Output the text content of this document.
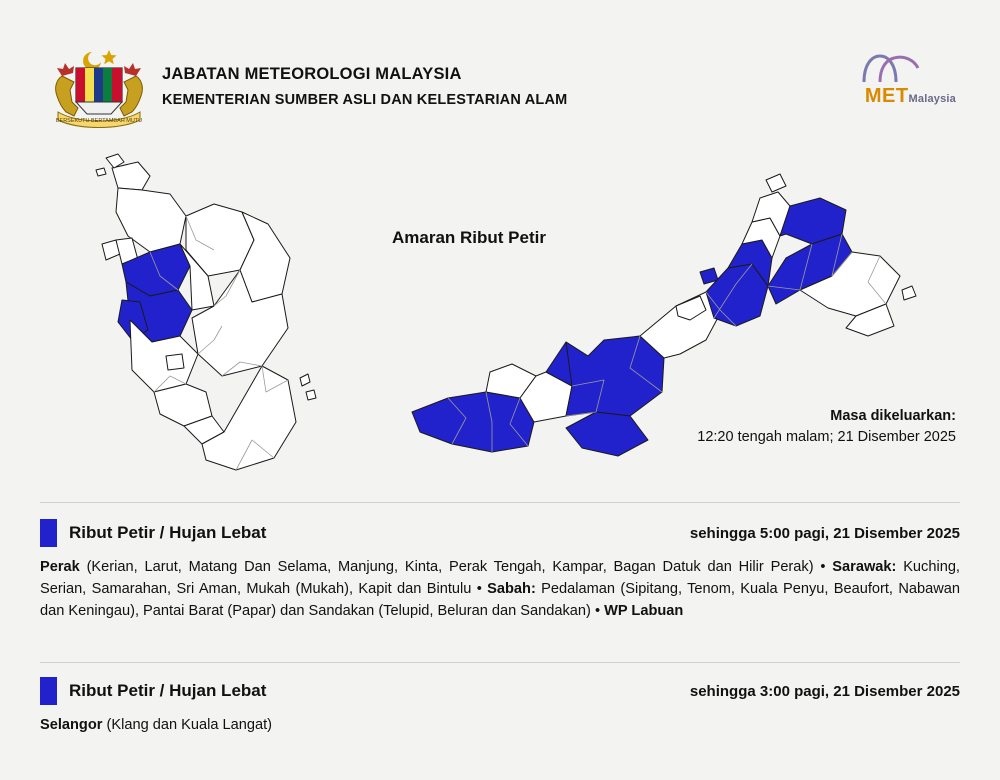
BERSEKUTU BERTAMBAH MUTU
JABATAN METEOROLOGI MALAYSIA
KEMENTERIAN SUMBER ASLI DAN KELESTARIAN ALAM	METMalaysia
Amaran Ribut Petir
Masa dikeluarkan:
12:20 tengah malam; 21 Disember 2025
Ribut Petir / Hujan Lebat	sehingga 5:00 pagi, 21 Disember 2025
Perak (Kerian, Larut, Matang Dan Selama, Manjung, Kinta, Perak Tengah, Kampar, Bagan Datuk dan Hilir Perak) • Sarawak: Kuching, Serian, Samarahan, Sri Aman, Mukah (Mukah), Kapit dan Bintulu • Sabah: Pedalaman (Sipitang, Tenom, Kuala Penyu, Beaufort, Nabawan dan Keningau), Pantai Barat (Papar) dan Sandakan (Telupid, Beluran dan Sandakan) • WP Labuan
Ribut Petir / Hujan Lebat	sehingga 3:00 pagi, 21 Disember 2025
Selangor (Klang dan Kuala Langat)
